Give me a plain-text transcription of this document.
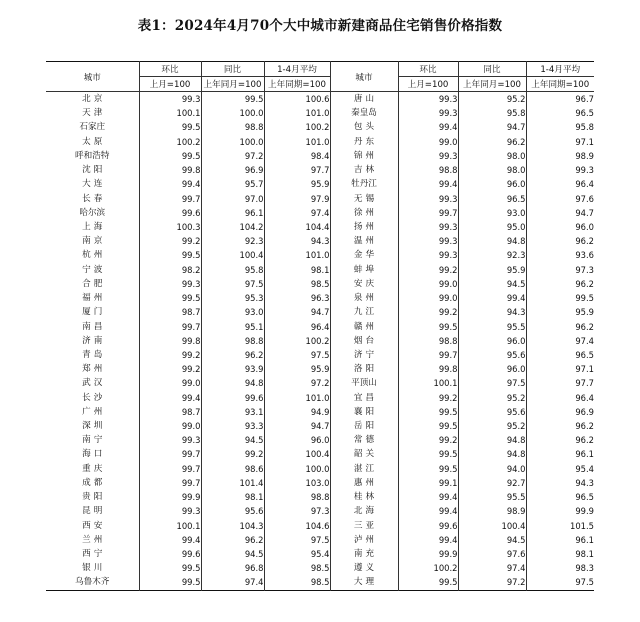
表1：2024年4月70个大中城市新建商品住宅销售价格指数
城市	环比	同比	1-4月平均	城市	环比	同比	1-4月平均
	上月=100	上年同月=100	上年同期=100		上月=100	上年同月=100	上年同期=100
北京	99.3	99.5	100.6	唐山	99.3	95.2	96.7
天津	100.1	100.0	101.0	秦皇岛	99.3	95.8	96.5
石家庄	99.5	98.8	100.2	包头	99.4	94.7	95.8
太原	100.2	100.0	101.0	丹东	99.0	96.2	97.1
呼和浩特	99.5	97.2	98.4	锦州	99.3	98.0	98.9
沈阳	99.8	96.9	97.7	吉林	98.8	98.0	99.3
大连	99.4	95.7	95.9	牡丹江	99.4	96.0	96.4
长春	99.7	97.0	97.9	无锡	99.3	96.5	97.6
哈尔滨	99.6	96.1	97.4	徐州	99.7	93.0	94.7
上海	100.3	104.2	104.4	扬州	99.3	95.0	96.0
南京	99.2	92.3	94.3	温州	99.3	94.8	96.2
杭州	99.5	100.4	101.0	金华	99.3	92.3	93.6
宁波	98.2	95.8	98.1	蚌埠	99.2	95.9	97.3
合肥	99.3	97.5	98.5	安庆	99.0	94.5	96.2
福州	99.5	95.3	96.3	泉州	99.0	99.4	99.5
厦门	98.7	93.0	94.7	九江	99.2	94.3	95.9
南昌	99.7	95.1	96.4	赣州	99.5	95.5	96.2
济南	99.8	98.8	100.2	烟台	98.8	96.0	97.4
青岛	99.2	96.2	97.5	济宁	99.7	95.6	96.5
郑州	99.2	93.9	95.9	洛阳	99.8	96.0	97.1
武汉	99.0	94.8	97.2	平顶山	100.1	97.5	97.7
长沙	99.4	99.6	101.0	宜昌	99.2	95.2	96.4
广州	98.7	93.1	94.9	襄阳	99.5	95.6	96.9
深圳	99.0	93.3	94.7	岳阳	99.5	95.2	96.2
南宁	99.3	94.5	96.0	常德	99.2	94.8	96.2
海口	99.7	99.2	100.4	韶关	99.5	94.8	96.1
重庆	99.7	98.6	100.0	湛江	99.5	94.0	95.4
成都	99.7	101.4	103.0	惠州	99.1	92.7	94.3
贵阳	99.9	98.1	98.8	桂林	99.4	95.5	96.5
昆明	99.3	95.6	97.3	北海	99.4	98.9	99.9
西安	100.1	104.3	104.6	三亚	99.6	100.4	101.5
兰州	99.4	96.2	97.5	泸州	99.4	94.5	96.1
西宁	99.6	94.5	95.4	南充	99.9	97.6	98.1
银川	99.5	96.8	98.5	遵义	100.2	97.4	98.3
乌鲁木齐	99.5	97.4	98.5	大理	99.5	97.2	97.5
